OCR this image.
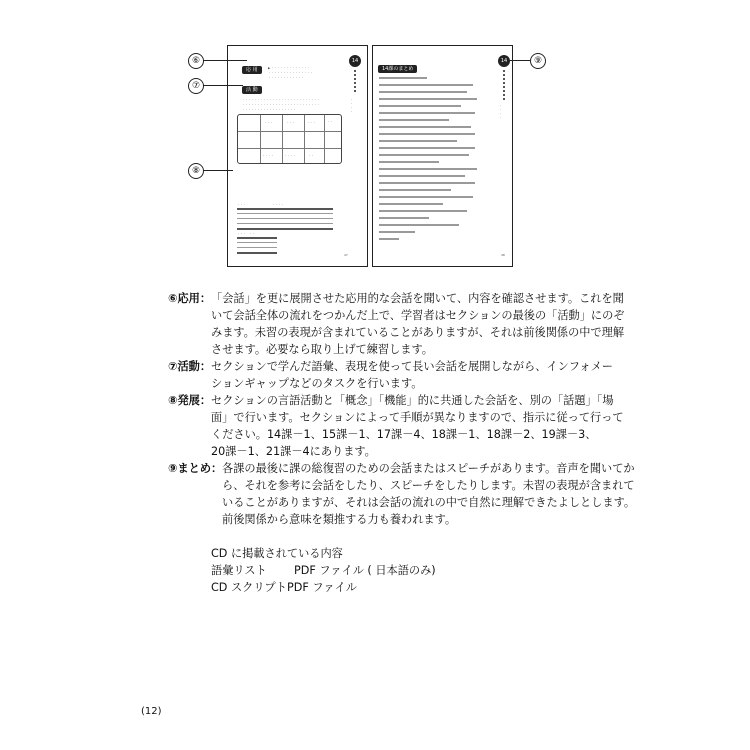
応 用	▶ ・・・・・・・・・・・・・
・・・・・・・・・・・・・・・
・・・・・・・・・・・・
活 動
・・・・・・・・・・・・・・・・・・・・・・・・・・
・・・・・・・・・・・・・・・・・・・・・・・・・・
・・・・・・・・・・・・・・・・・・
・・・	・・・	・・・	・・
・・・・	・・・・	・・
・・・	・・・・
・・・　・・
14
・
・
・
・
47
14課のまとめ
14
・
・
・
・
48
⑥
⑦
⑧
⑨
⑥応用： 「会話」を更に展開させた応用的な会話を聞いて、内容を確認させます。これを聞
いて会話全体の流れをつかんだ上で、学習者はセクションの最後の「活動」にのぞ
みます。未習の表現が含まれていることがありますが、それは前後関係の中で理解
させます。必要なら取り上げて練習します。
⑦活動： セクションで学んだ語彙、表現を使って長い会話を展開しながら、インフォメー
ションギャップなどのタスクを行います。
⑧発展： セクションの言語活動と「概念」「機能」的に共通した会話を、別の「話題」「場
面」で行います。セクションによって手順が異なりますので、指示に従って行って
ください。14課－1、15課－1、17課－4、18課－1、18課－2、19課－3、
20課－1、21課－4にあります。
⑨まとめ： 各課の最後に課の総復習のための会話またはスピーチがあります。音声を聞いてか
ら、それを参考に会話をしたり、スピーチをしたりします。未習の表現が含まれて
いることがありますが、それは会話の流れの中で自然に理解できたよしとします。
前後関係から意味を類推する力も養われます。
CD に掲載されている内容
語彙リスト PDF ファイル ( 日本語のみ)
CD スクリプト PDF ファイル
(12)
